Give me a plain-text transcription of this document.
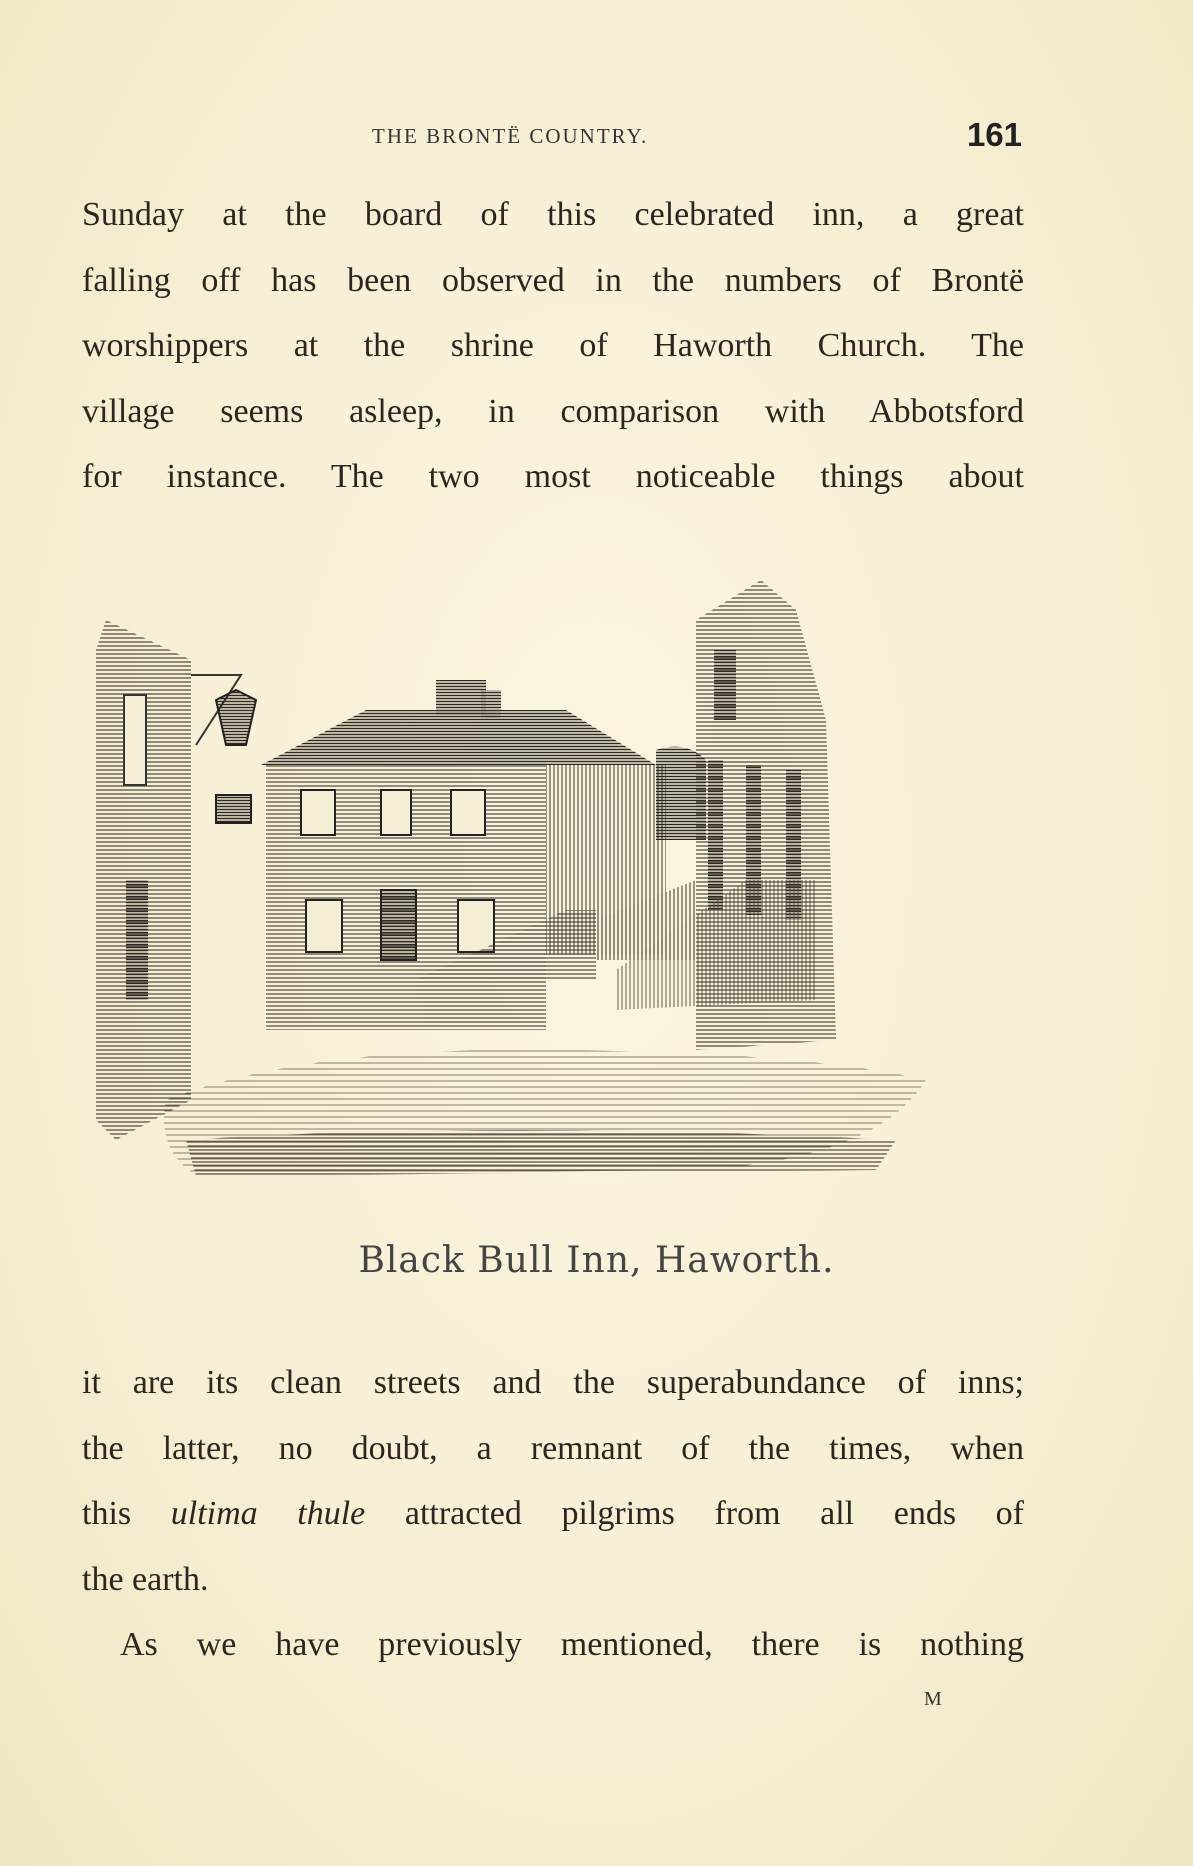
THE BRONTË COUNTRY.	161
Sunday at the board of this celebrated inn, a great
falling off has been observed in the numbers of Brontë
worshippers at the shrine of Haworth Church. The
village seems asleep, in comparison with Abbotsford
for instance. The two most noticeable things about
Black Bull Inn, Haworth.
it are its clean streets and the superabundance of inns;
the latter, no doubt, a remnant of the times, when
this ultima thule attracted pilgrims from all ends of
the earth.
As we have previously mentioned, there is nothing
M
